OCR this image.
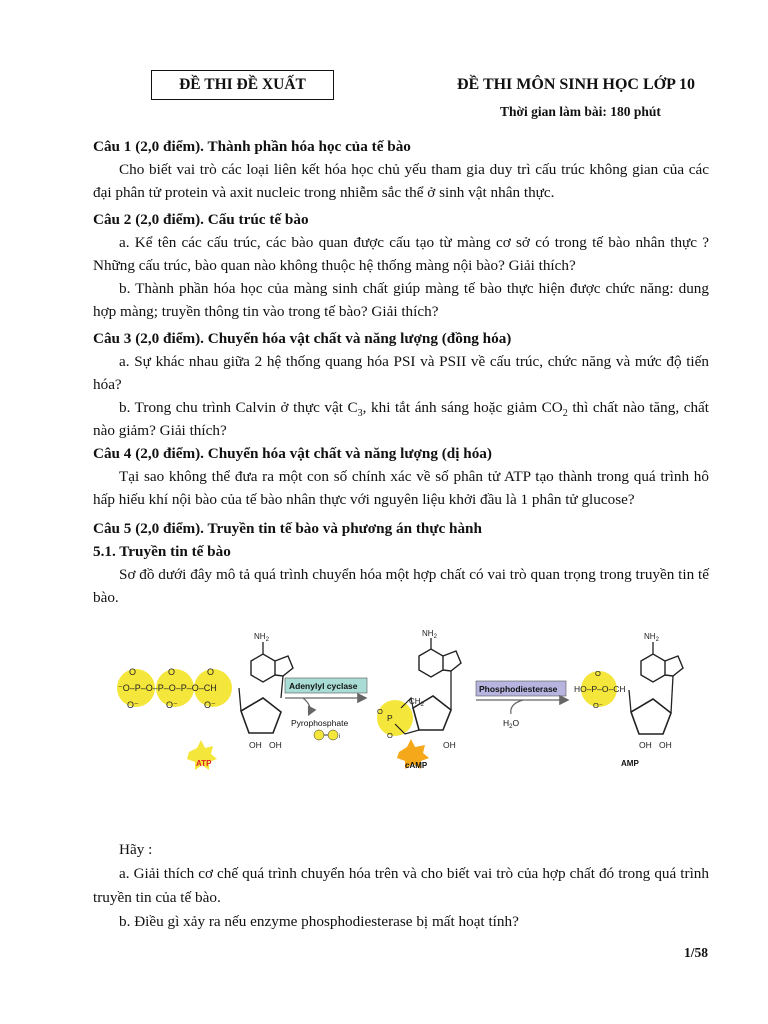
ĐỀ THI ĐỀ XUẤT	ĐỀ THI MÔN SINH HỌC LỚP 10
Thời gian làm bài: 180 phút

Câu 1 (2,0 điểm). Thành phần hóa học của tế bào

Cho biết vai trò các loại liên kết hóa học chủ yếu tham gia duy trì cấu trúc không gian của các đại phân tử protein và axit nucleic trong nhiễm sắc thể ở sinh vật nhân thực.

Câu 2 (2,0 điểm). Cấu trúc tế bào

a. Kể tên các cấu trúc, các bào quan được cấu tạo từ màng cơ sở có trong tế bào nhân thực ? Những cấu trúc, bào quan nào không thuộc hệ thống màng nội bào? Giải thích?

b. Thành phần hóa học của màng sinh chất giúp màng tế bào thực hiện được chức năng: dung hợp màng; truyền thông tin vào trong tế bào? Giải thích?

Câu 3 (2,0 điểm). Chuyển hóa vật chất và năng lượng (đồng hóa)

a. Sự khác nhau giữa 2 hệ thống quang hóa PSI và PSII về cấu trúc, chức năng và mức độ tiến hóa?

b. Trong chu trình Calvin ở thực vật $C_3$, khi tắt ánh sáng hoặc giảm $CO_2$ thì chất nào tăng, chất nào giảm? Giải thích?

Câu 4 (2,0 điểm). Chuyển hóa vật chất và năng lượng (dị hóa)

Tại sao không thể đưa ra một con số chính xác về số phân tử ATP tạo thành trong quá trình hô hấp hiếu khí nội bào của tế bào nhân thực với nguyên liệu khởi đầu là 1 phân tử glucose?

Câu 5 (2,0 điểm). Truyền tin tế bào và phương án thực hành

5.1. Truyền tin tế bào

Sơ đồ dưới đây mô tả quá trình chuyển hóa một hợp chất có vai trò quan trọng trong truyền tin tế bào.

⁻O–P–O–P–O–P–O–CH
O	O	O
O⁻	O⁻	O⁻
$NH_2$
OH OH
ATP
Adenylyl cyclase
Pyrophosphate
i
$NH_2$
$CH_2$
P
O
O
OH
cAMP
Phosphodiesterase
$H_2O$
HO–P–O–CH
O
O⁻
$NH_2$
OH OH
AMP

Hãy :

a. Giải thích cơ chế quá trình chuyển hóa trên và cho biết vai trò của hợp chất đó trong quá trình truyền tin của tế bào.

b. Điều gì xảy ra nếu enzyme phosphodiesterase bị mất hoạt tính?

1/58
